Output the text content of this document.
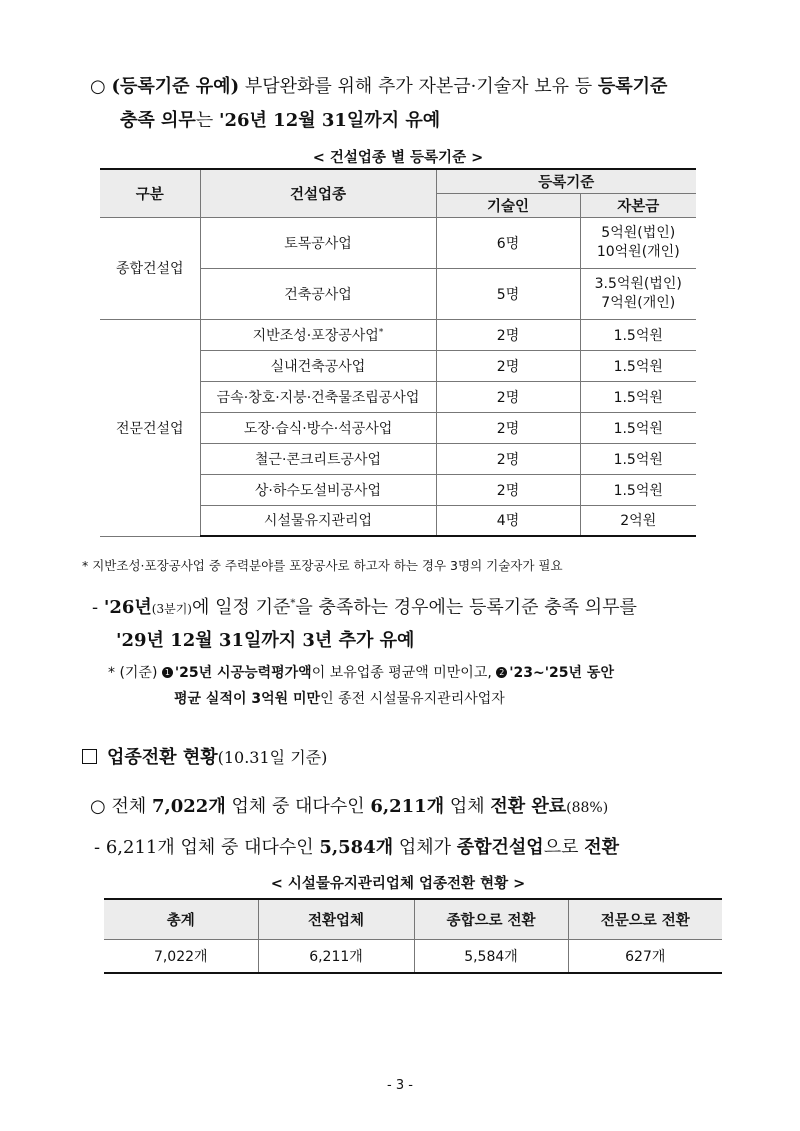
○ (등록기준 유예) 부담완화를 위해 추가 자본금·기술자 보유 등 등록기준
충족 의무는 '26년 12월 31일까지 유예
< 건설업종 별 등록기준 >
구분	건설업종	등록기준	
		기술인	자본금
종합건설업	토목공사업	6명	5억원(법인)
10억원(개인)

	건축공사업	5명	3.5억원(법인)
7억원(개인)

전문건설업	지반조성·포장공사업*	2명	1.5억원
	실내건축공사업	2명	1.5억원
	금속·창호·지붕·건축물조립공사업	2명	1.5억원
	도장·습식·방수·석공사업	2명	1.5억원
	철근·콘크리트공사업	2명	1.5억원
	상·하수도설비공사업	2명	1.5억원
	시설물유지관리업	4명	2억원
* 지반조성·포장공사업 중 주력분야를 포장공사로 하고자 하는 경우 3명의 기술자가 필요
- '26년(3분기)에 일정 기준*을 충족하는 경우에는 등록기준 충족 의무를
'29년 12월 31일까지 3년 추가 유예
* (기준) 1 '25년 시공능력평가액이 보유업종 평균액 미만이고, 2 '23~'25년 동안
평균 실적이 3억원 미만인 종전 시설물유지관리사업자
업종전환 현황(10.31일 기준)
○ 전체 7,022개 업체 중 대다수인 6,211개 업체 전환 완료(88%)
- 6,211개 업체 중 대다수인 5,584개 업체가 종합건설업으로 전환
< 시설물유지관리업체 업종전환 현황 >
총계	전환업체	종합으로 전환	전문으로 전환
7,022개	6,211개	5,584개	627개
- 3 -
